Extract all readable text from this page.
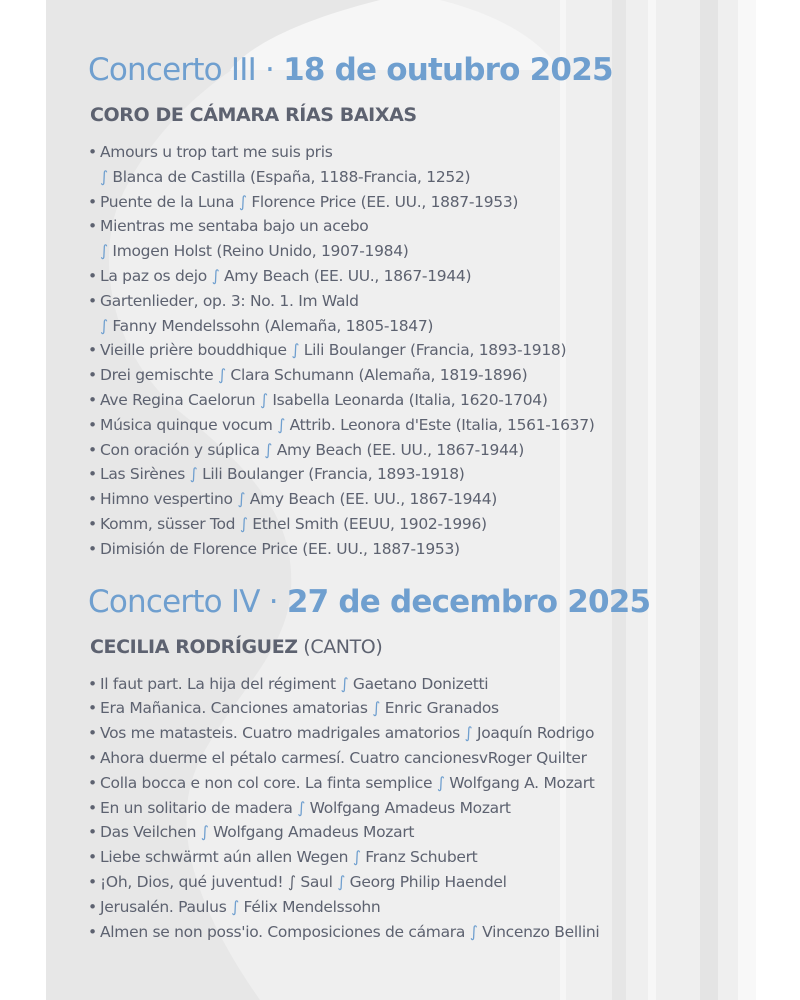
Concerto III · 18 de outubro 2025
CORO DE CÁMARA RÍAS BAIXAS
• Amours u trop tart me suis pris
∫ Blanca de Castilla (España, 1188-Francia, 1252)
• Puente de la Luna ∫ Florence Price (EE. UU., 1887-1953)
• Mientras me sentaba bajo un acebo
∫ Imogen Holst (Reino Unido, 1907-1984)
• La paz os dejo ∫ Amy Beach (EE. UU., 1867-1944)
• Gartenlieder, op. 3: No. 1. Im Wald
∫ Fanny Mendelssohn (Alemaña, 1805-1847)
• Vieille prière bouddhique ∫ Lili Boulanger (Francia, 1893-1918)
• Drei gemischte ∫ Clara Schumann (Alemaña, 1819-1896)
• Ave Regina Caelorun ∫ Isabella Leonarda (Italia, 1620-1704)
• Música quinque vocum ∫ Attrib. Leonora d'Este (Italia, 1561-1637)
• Con oración y súplica ∫ Amy Beach (EE. UU., 1867-1944)
• Las Sirènes ∫ Lili Boulanger (Francia, 1893-1918)
• Himno vespertino ∫ Amy Beach (EE. UU., 1867-1944)
• Komm, süsser Tod ∫ Ethel Smith (EEUU, 1902-1996)
• Dimisión de Florence Price (EE. UU., 1887-1953)
Concerto IV · 27 de decembro 2025
CECILIA RODRÍGUEZ (CANTO)
• Il faut part. La hija del régiment ∫ Gaetano Donizetti
• Era Mañanica. Canciones amatorias ∫ Enric Granados
• Vos me matasteis. Cuatro madrigales amatorios ∫ Joaquín Rodrigo
• Ahora duerme el pétalo carmesí. Cuatro cancionesvRoger Quilter
• Colla bocca e non col core. La finta semplice ∫ Wolfgang A. Mozart
• En un solitario de madera ∫ Wolfgang Amadeus Mozart
• Das Veilchen ∫ Wolfgang Amadeus Mozart
• Liebe schwärmt aún allen Wegen ∫ Franz Schubert
• ¡Oh, Dios, qué juventud! ∫ Saul ∫ Georg Philip Haendel
• Jerusalén. Paulus ∫ Félix Mendelssohn
• Almen se non poss'io. Composiciones de cámara ∫ Vincenzo Bellini
